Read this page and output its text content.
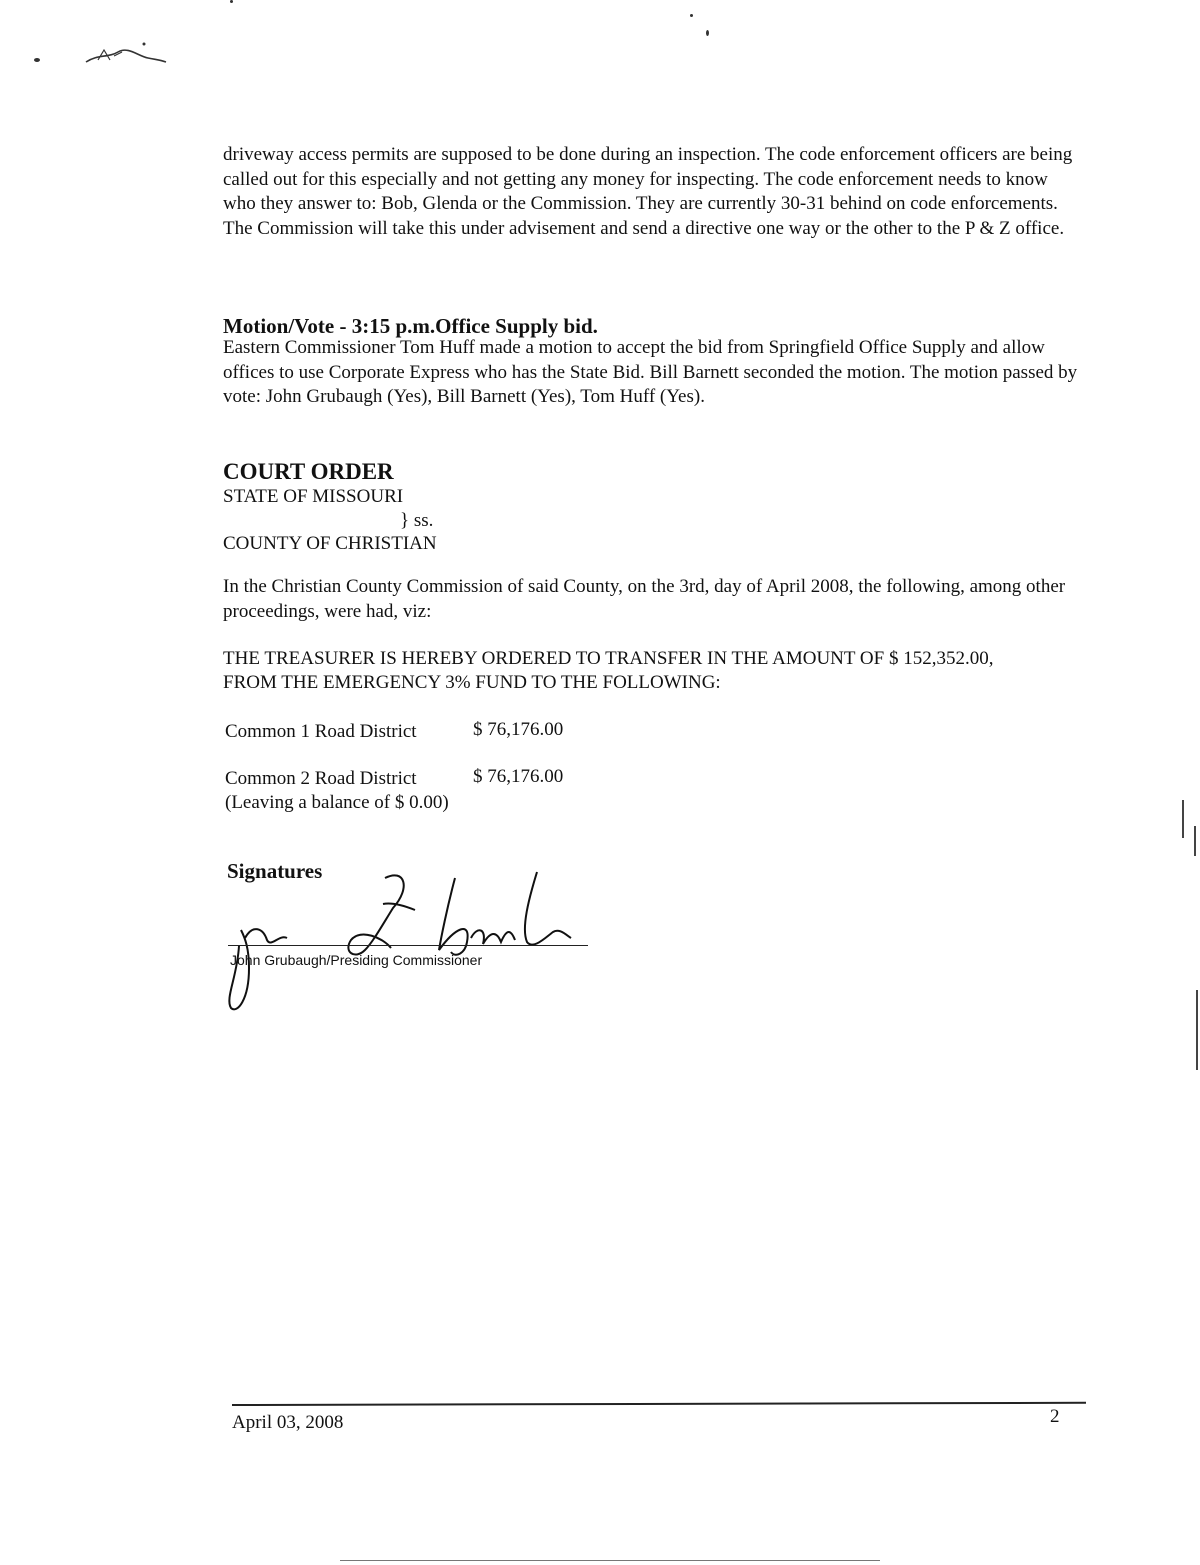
driveway access permits are supposed to be done during an inspection. The code enforcement officers are being called out for this especially and not getting any money for inspecting. The code enforcement needs to know who they answer to: Bob, Glenda or the Commission. They are currently 30-31 behind on code enforcements. The Commission will take this under advisement and send a directive one way or the other to the P & Z office.

Motion/Vote - 3:15 p.m.Office Supply bid.

Eastern Commissioner Tom Huff made a motion to accept the bid from Springfield Office Supply and allow offices to use Corporate Express who has the State Bid. Bill Barnett seconded the motion. The motion passed by vote: John Grubaugh (Yes), Bill Barnett (Yes), Tom Huff (Yes).

COURT ORDER
STATE OF MISSOURI
} ss.
COUNTY OF CHRISTIAN

In the Christian County Commission of said County, on the 3rd, day of April 2008, the following, among other proceedings, were had, viz:

THE TREASURER IS HEREBY ORDERED TO TRANSFER IN THE AMOUNT OF $ 152,352.00,
FROM THE EMERGENCY 3% FUND TO THE FOLLOWING:
Common 1 Road District	$ 76,176.00
Common 2 Road District	$ 76,176.00
(Leaving a balance of $ 0.00)
Signatures
John Grubaugh/Presiding Commissioner
April 03, 2008	2
